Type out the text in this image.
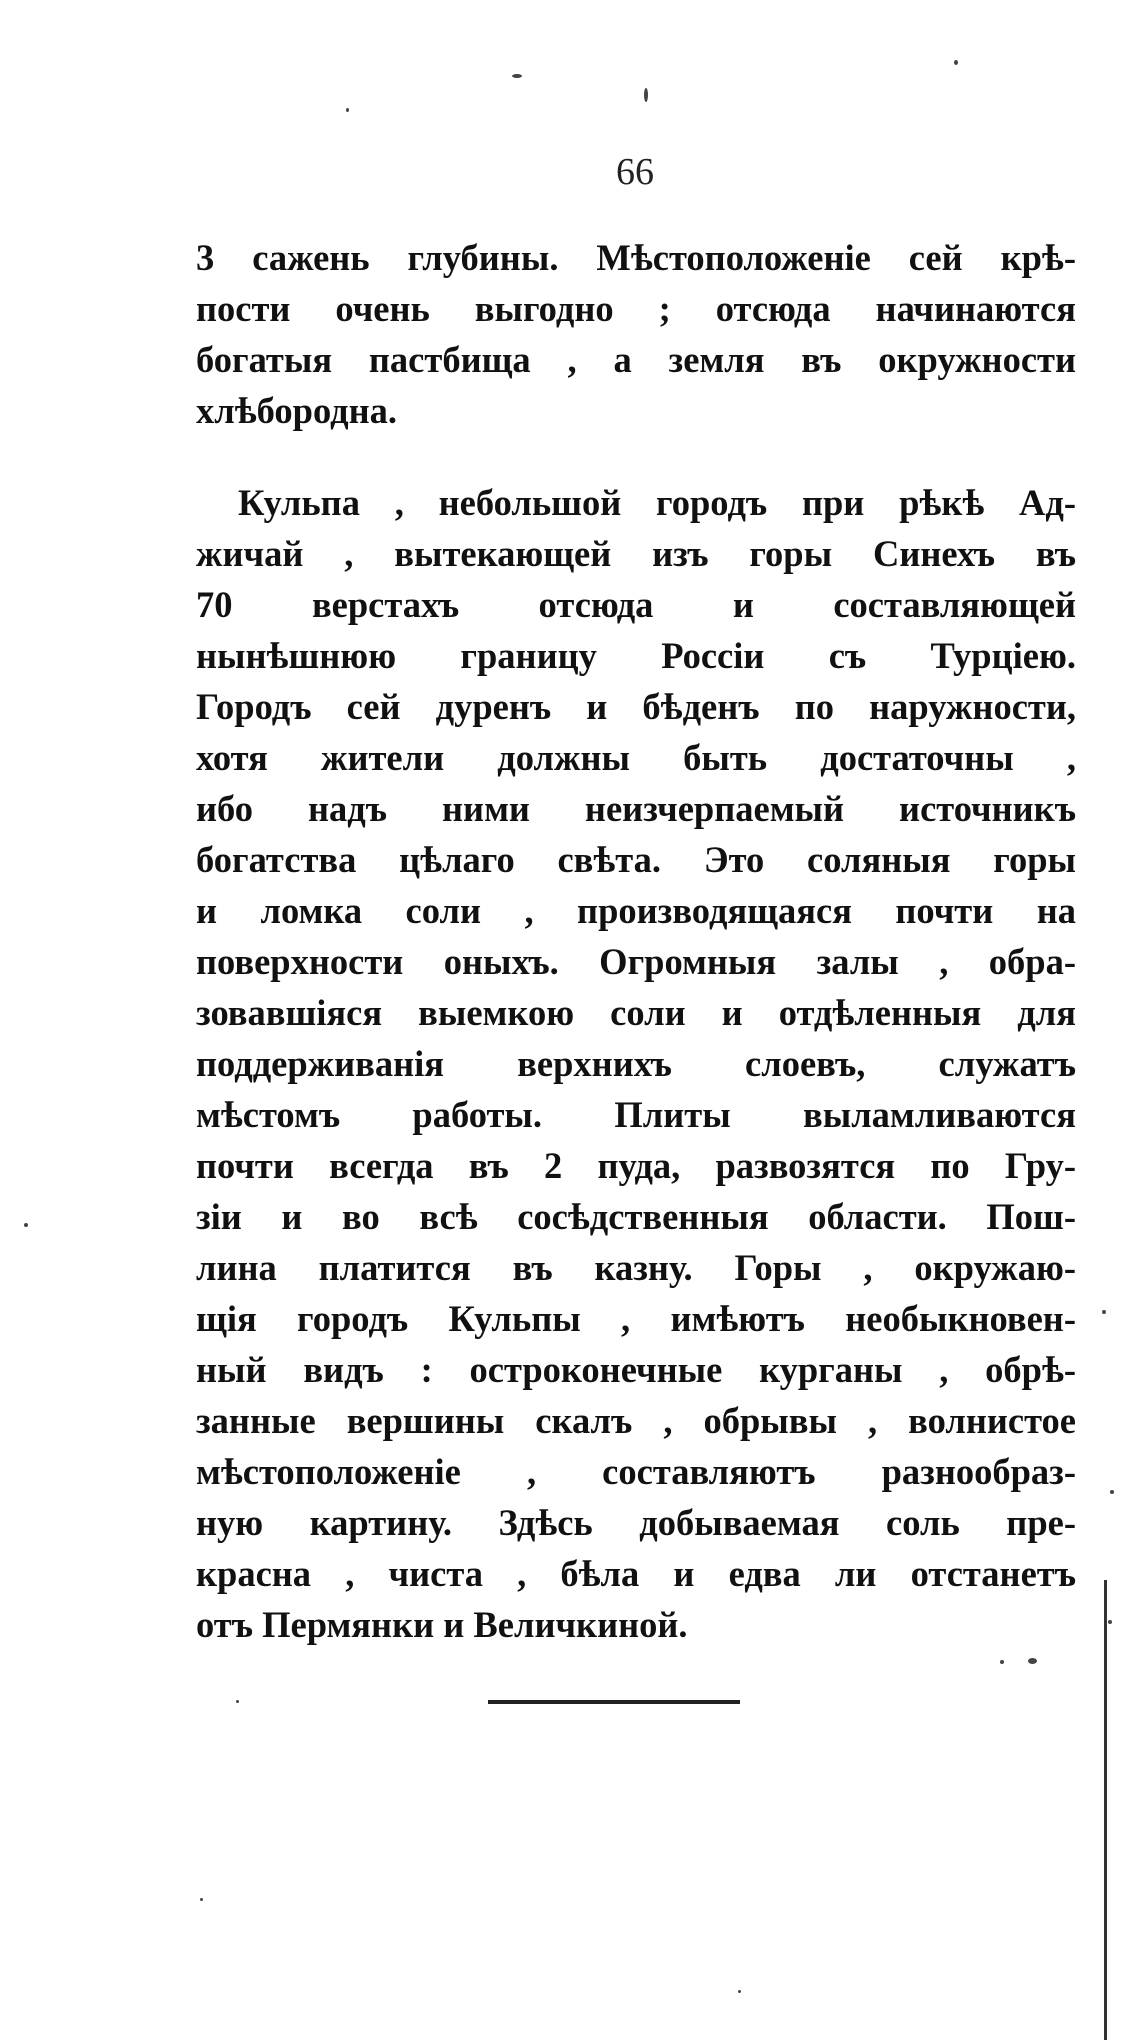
66
3 сажень глубины. Мѣстоположеніе сей крѣ-
пости очень выгодно ; отсюда начинаются
богатыя пастбища , а земля въ окружности
хлѣбородна.
Кульпа , небольшой городъ при рѣкѣ Ад-
жичай , вытекающей изъ горы Синехъ въ
70 верстахъ отсюда и составляющей
нынѣшнюю границу Россіи съ Турціею.
Городъ сей дуренъ и бѣденъ по наружности,
хотя жители должны быть достаточны ,
ибо надъ ними неизчерпаемый источникъ
богатства цѣлаго свѣта. Это соляныя горы
и ломка соли , производящаяся почти на
поверхности оныхъ. Огромныя залы , обра-
зовавшіяся выемкою соли и отдѣленныя для
поддерживанія верхнихъ слоевъ, служатъ
мѣстомъ работы. Плиты выламливаются
почти всегда въ 2 пуда, развозятся по Гру-
зіи и во всѣ сосѣдственныя области. Пош-
лина платится въ казну. Горы , окружаю-
щія городъ Кульпы , имѣютъ необыкновен-
ный видъ : остроконечные курганы , обрѣ-
занные вершины скалъ , обрывы , волнистое
мѣстоположеніе , составляютъ разнообраз-
ную картину. Здѣсь добываемая соль пре-
красна , чиста , бѣла и едва ли отстанетъ
отъ Пермянки и Величкиной.
